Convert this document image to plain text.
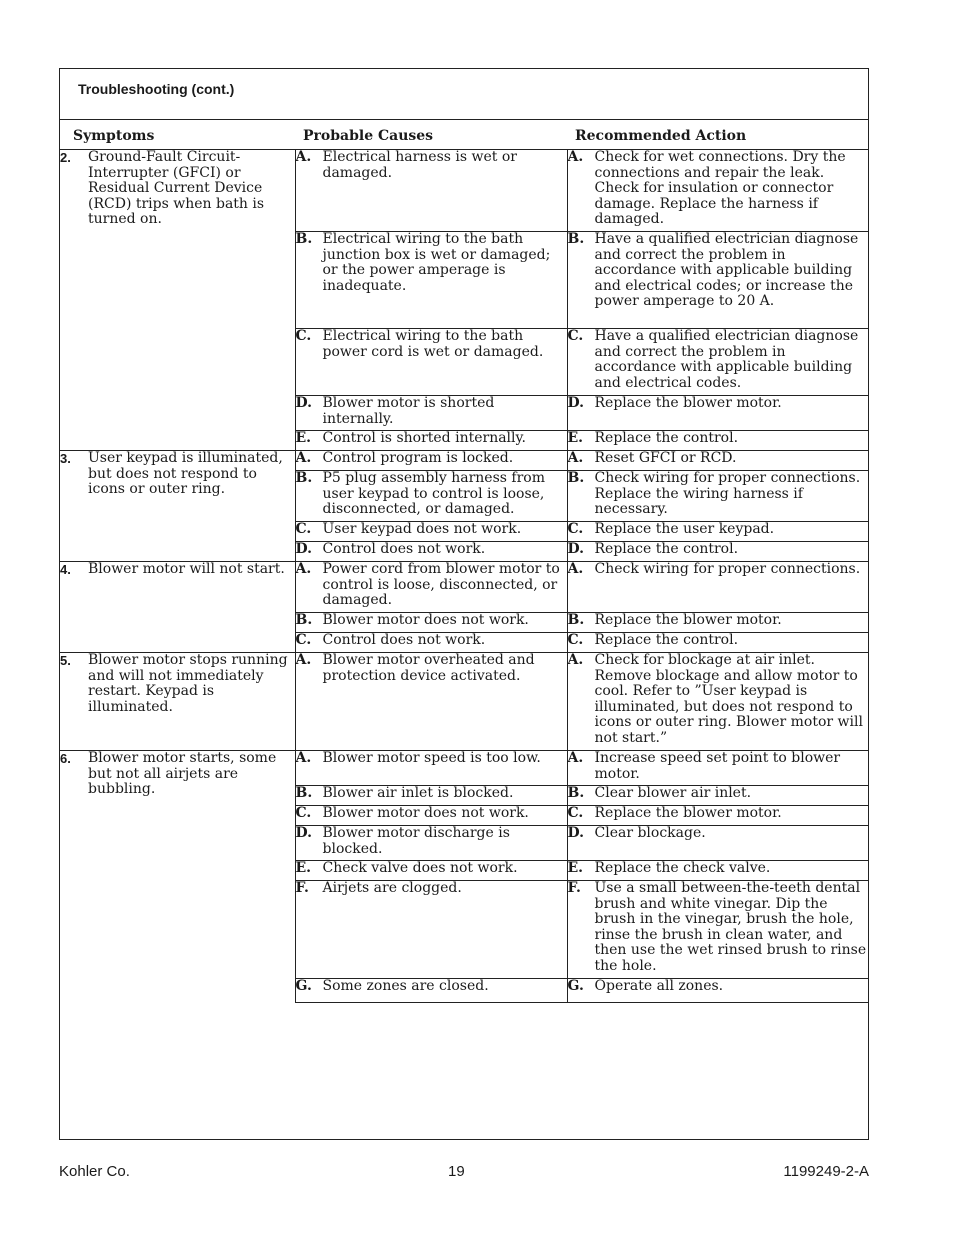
Troubleshooting (cont.)
Symptoms	Probable Causes	Recommended Action

2. Ground-Fault Circuit-Interrupter (GFCI) or Residual Current Device (RCD) trips when bath is turned on.	A. Electrical harness is wet or damaged.	A. Check for wet connections. Dry the connections and repair the leak. Check for insulation or connector damage. Replace the harness if damaged.

	B. Electrical wiring to the bath junction box is wet or damaged; or the power amperage is inadequate.	B. Have a qualified electrician diagnose and correct the problem in accordance with applicable building and electrical codes; or increase the power amperage to 20 A.

	C. Electrical wiring to the bath power cord is wet or damaged.	C. Have a qualified electrician diagnose and correct the problem in accordance with applicable building and electrical codes.

	D. Blower motor is shorted internally.	D. Replace the blower motor.

	E. Control is shorted internally.	E. Replace the control.

3. User keypad is illuminated, but does not respond to icons or outer ring.	A. Control program is locked.	A. Reset GFCI or RCD.

	B. P5 plug assembly harness from user keypad to control is loose, disconnected, or damaged.	B. Check wiring for proper connections. Replace the wiring harness if necessary.

	C. User keypad does not work.	C. Replace the user keypad.

	D. Control does not work.	D. Replace the control.

4. Blower motor will not start.	A. Power cord from blower motor to control is loose, disconnected, or damaged.	A. Check wiring for proper connections.

	B. Blower motor does not work.	B. Replace the blower motor.

	C. Control does not work.	C. Replace the control.

5. Blower motor stops running and will not immediately restart. Keypad is illuminated.	A. Blower motor overheated and protection device activated.	A. Check for blockage at air inlet. Remove blockage and allow motor to cool. Refer to ”User keypad is illuminated, but does not respond to icons or outer ring. Blower motor will not start.”

6. Blower motor starts, some but not all airjets are bubbling.	A. Blower motor speed is too low.	A. Increase speed set point to blower motor.

	B. Blower air inlet is blocked.	B. Clear blower air inlet.

	C. Blower motor does not work.	C. Replace the blower motor.

	D. Blower motor discharge is blocked.	D. Clear blockage.

	E. Check valve does not work.	E. Replace the check valve.

	F. Airjets are clogged.	F. Use a small between-the-teeth dental brush and white vinegar. Dip the brush in the vinegar, brush the hole, rinse the brush in clean water, and then use the wet rinsed brush to rinse the hole.

	G. Some zones are closed.	G. Operate all zones.
Kohler Co.	19	1199249-2-A
